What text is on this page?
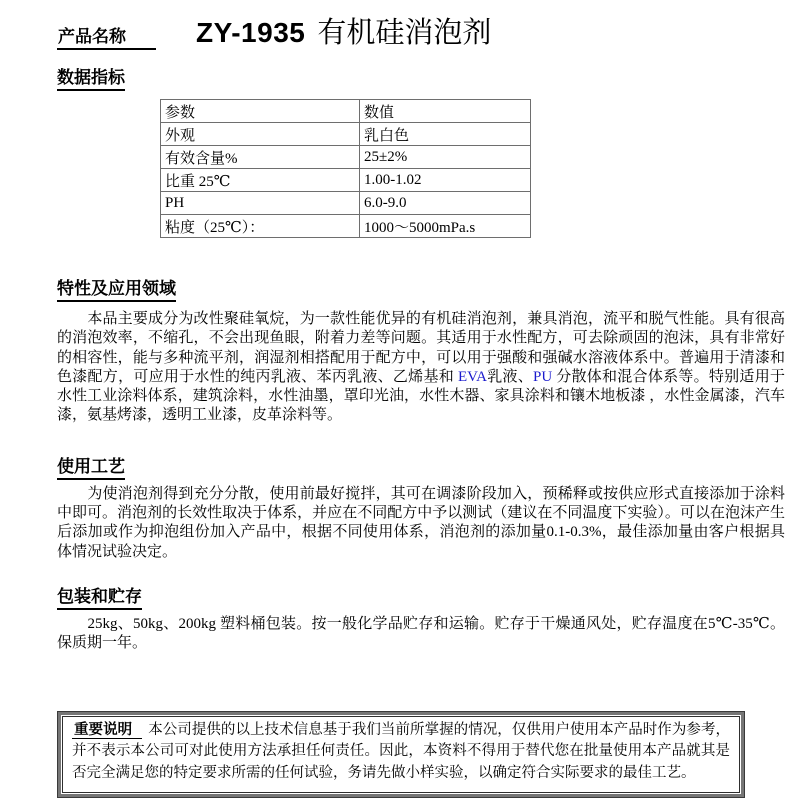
产品名称	ZY-1935 有机硅消泡剂
数据指标
参数	数值
外观	乳白色
有效含量%	25±2%
比重 25℃	1.00-1.02
PH	6.0-9.0
粘度（25℃）：	1000～5000mPa.s
特性及应用领域

　　本品主要成分为改性聚硅氧烷，为一款性能优异的有机硅消泡剂，兼具消泡，流平和脱气性能。具有很高的消泡效率，不缩孔，不会出现鱼眼，附着力差等问题。其适用于水性配方，可去除顽固的泡沫，具有非常好的相容性，能与多种流平剂，润湿剂相搭配用于配方中，可以用于强酸和强碱水溶液体系中。普遍用于清漆和色漆配方，可应用于水性的纯丙乳液、苯丙乳液、乙烯基和 EVA乳液、PU 分散体和混合体系等。特别适用于水性工业涂料体系，建筑涂料，水性油墨，罩印光油，水性木器、家具涂料和镶木地板漆 ，水性金属漆，汽车漆，氨基烤漆，透明工业漆，皮革涂料等。

使用工艺

　　为使消泡剂得到充分分散，使用前最好搅拌，其可在调漆阶段加入，预稀释或按供应形式直接添加于涂料中即可。消泡剂的长效性取决于体系，并应在不同配方中予以测试（建议在不同温度下实验）。可以在泡沫产生后添加或作为抑泡组份加入产品中，根据不同使用体系，消泡剂的添加量0.1-0.3%，最佳添加量由客户根据具体情况试验决定。

包装和贮存

　　25kg、50kg、200kg 塑料桶包装。按一般化学品贮存和运输。贮存于干燥通风处，贮存温度在5℃-35℃。保质期一年。

重要说明 本公司提供的以上技术信息基于我们当前所掌握的情况，仅供用户使用本产品时作为参考，并不表示本公司可对此使用方法承担任何责任。因此，本资料不得用于替代您在批量使用本产品就其是否完全满足您的特定要求所需的任何试验，务请先做小样实验，以确定符合实际要求的最佳工艺。
